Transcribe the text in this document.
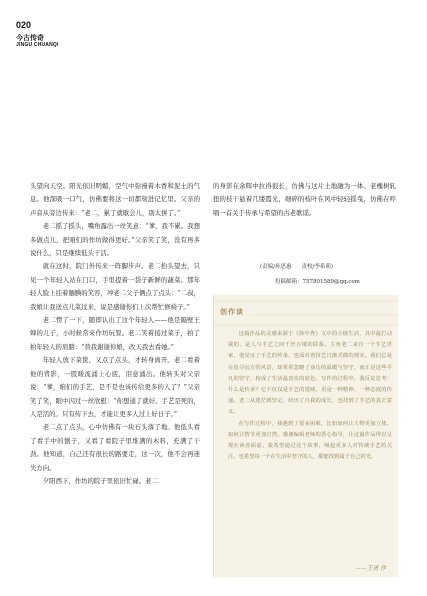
020
今古传奇
JINGU CHUANQI

头望向天空。阳光依旧明媚，空气中弥漫着木香和泥土的气息。他深吸一口气，仿佛要将这一切都刻进记忆里。父亲的声音从旁边传来：“老二，累了就歇会儿，别太拼了。”

老二摇了摇头，嘴角露出一丝笑意：“爹，我不累。我想多做点儿，把咱们的作坊做得更好。”父亲笑了笑，没有再多说什么，只是继续低头干活。

就在这时，院门外传来一阵脚步声。老二抬头望去，只见一个年轻人站在门口，手里提着一袋子新鲜的蔬菜。那年轻人脸上挂着腼腆的笑容，冲老二父子俩点了点头：“二叔，我娘让我送点儿菜过来，说是感谢你们上次帮忙修椅子。”

老二愣了一下，随即认出了这个年轻人——他是隔壁王婶的儿子，小时候常来作坊玩耍。老二笑着接过菜子，拍了拍年轻人的肩膀：“替我谢谢你娘，改天我去看她。”

年轻人放下菜筐，又点了点头，才转身离开。老二看着他的背影，一股暖流涌上心底，泪意涌出。他转头对父亲说：“爹，咱们的手艺，是不是也该传给更多的人了？”父亲笑了笑，眼中闪过一丝欣慰：“你想通了就好。手艺是死的，人是活的。只有传下去，才能让更多人过上好日子。”

老二点了点头，心中仿佛有一块石头落了地。他低头看了看手中的刨子，又看了看院子里堆满的木料，充满了干劲。他知道，自己还有很长的路要走，这一次，他不会再迷失方向。

夕阳西下，作坊的院子里依旧忙碌。老二

的身影在余晖中拉得很长，仿佛与这片土地融为一体。老槐树轧扭的枝干悬着几缕霞光，细碎的枝叶在风中轻轻摇曳，仿佛在哼唱一首关于传承与希望的古老歌谣。

(责编/孙思惠 责校/李希萌)
投稿邮箱：757801589@qq.com
创作谈

这篇作品的灵感来源于《徐中秀》文中的小镇生活，其中最打动我的，是人与手艺之间千丝万缕的联系。主角老二来自一个手艺世家，他见证了手艺的传承，也面对着技艺日渐式微的现实。我们总是在追寻远方的风景，却常常忽略了身边的温暖与坚守，而正是这些平凡的坚守，构成了生活最真实的底色。写作的过程中，我反复思考：什么是传承？它不仅仅是手艺的延续，更是一种精神、一种态度的传递。老二从迷茫到坚定，经历了自我的成长，也找到了手艺的真正意义。

在写作过程中，我遇到了很多困难，比如如何让人物更加立体，如何让情节更加自然。感谢编辑老师的悉心指导，让这篇作品得以呈现在读者面前。我希望通过这个故事，唤起更多人对传统手艺的关注，也希望每一个在生活中坚守的人，都能找到属于自己的光。

——王勇 作
